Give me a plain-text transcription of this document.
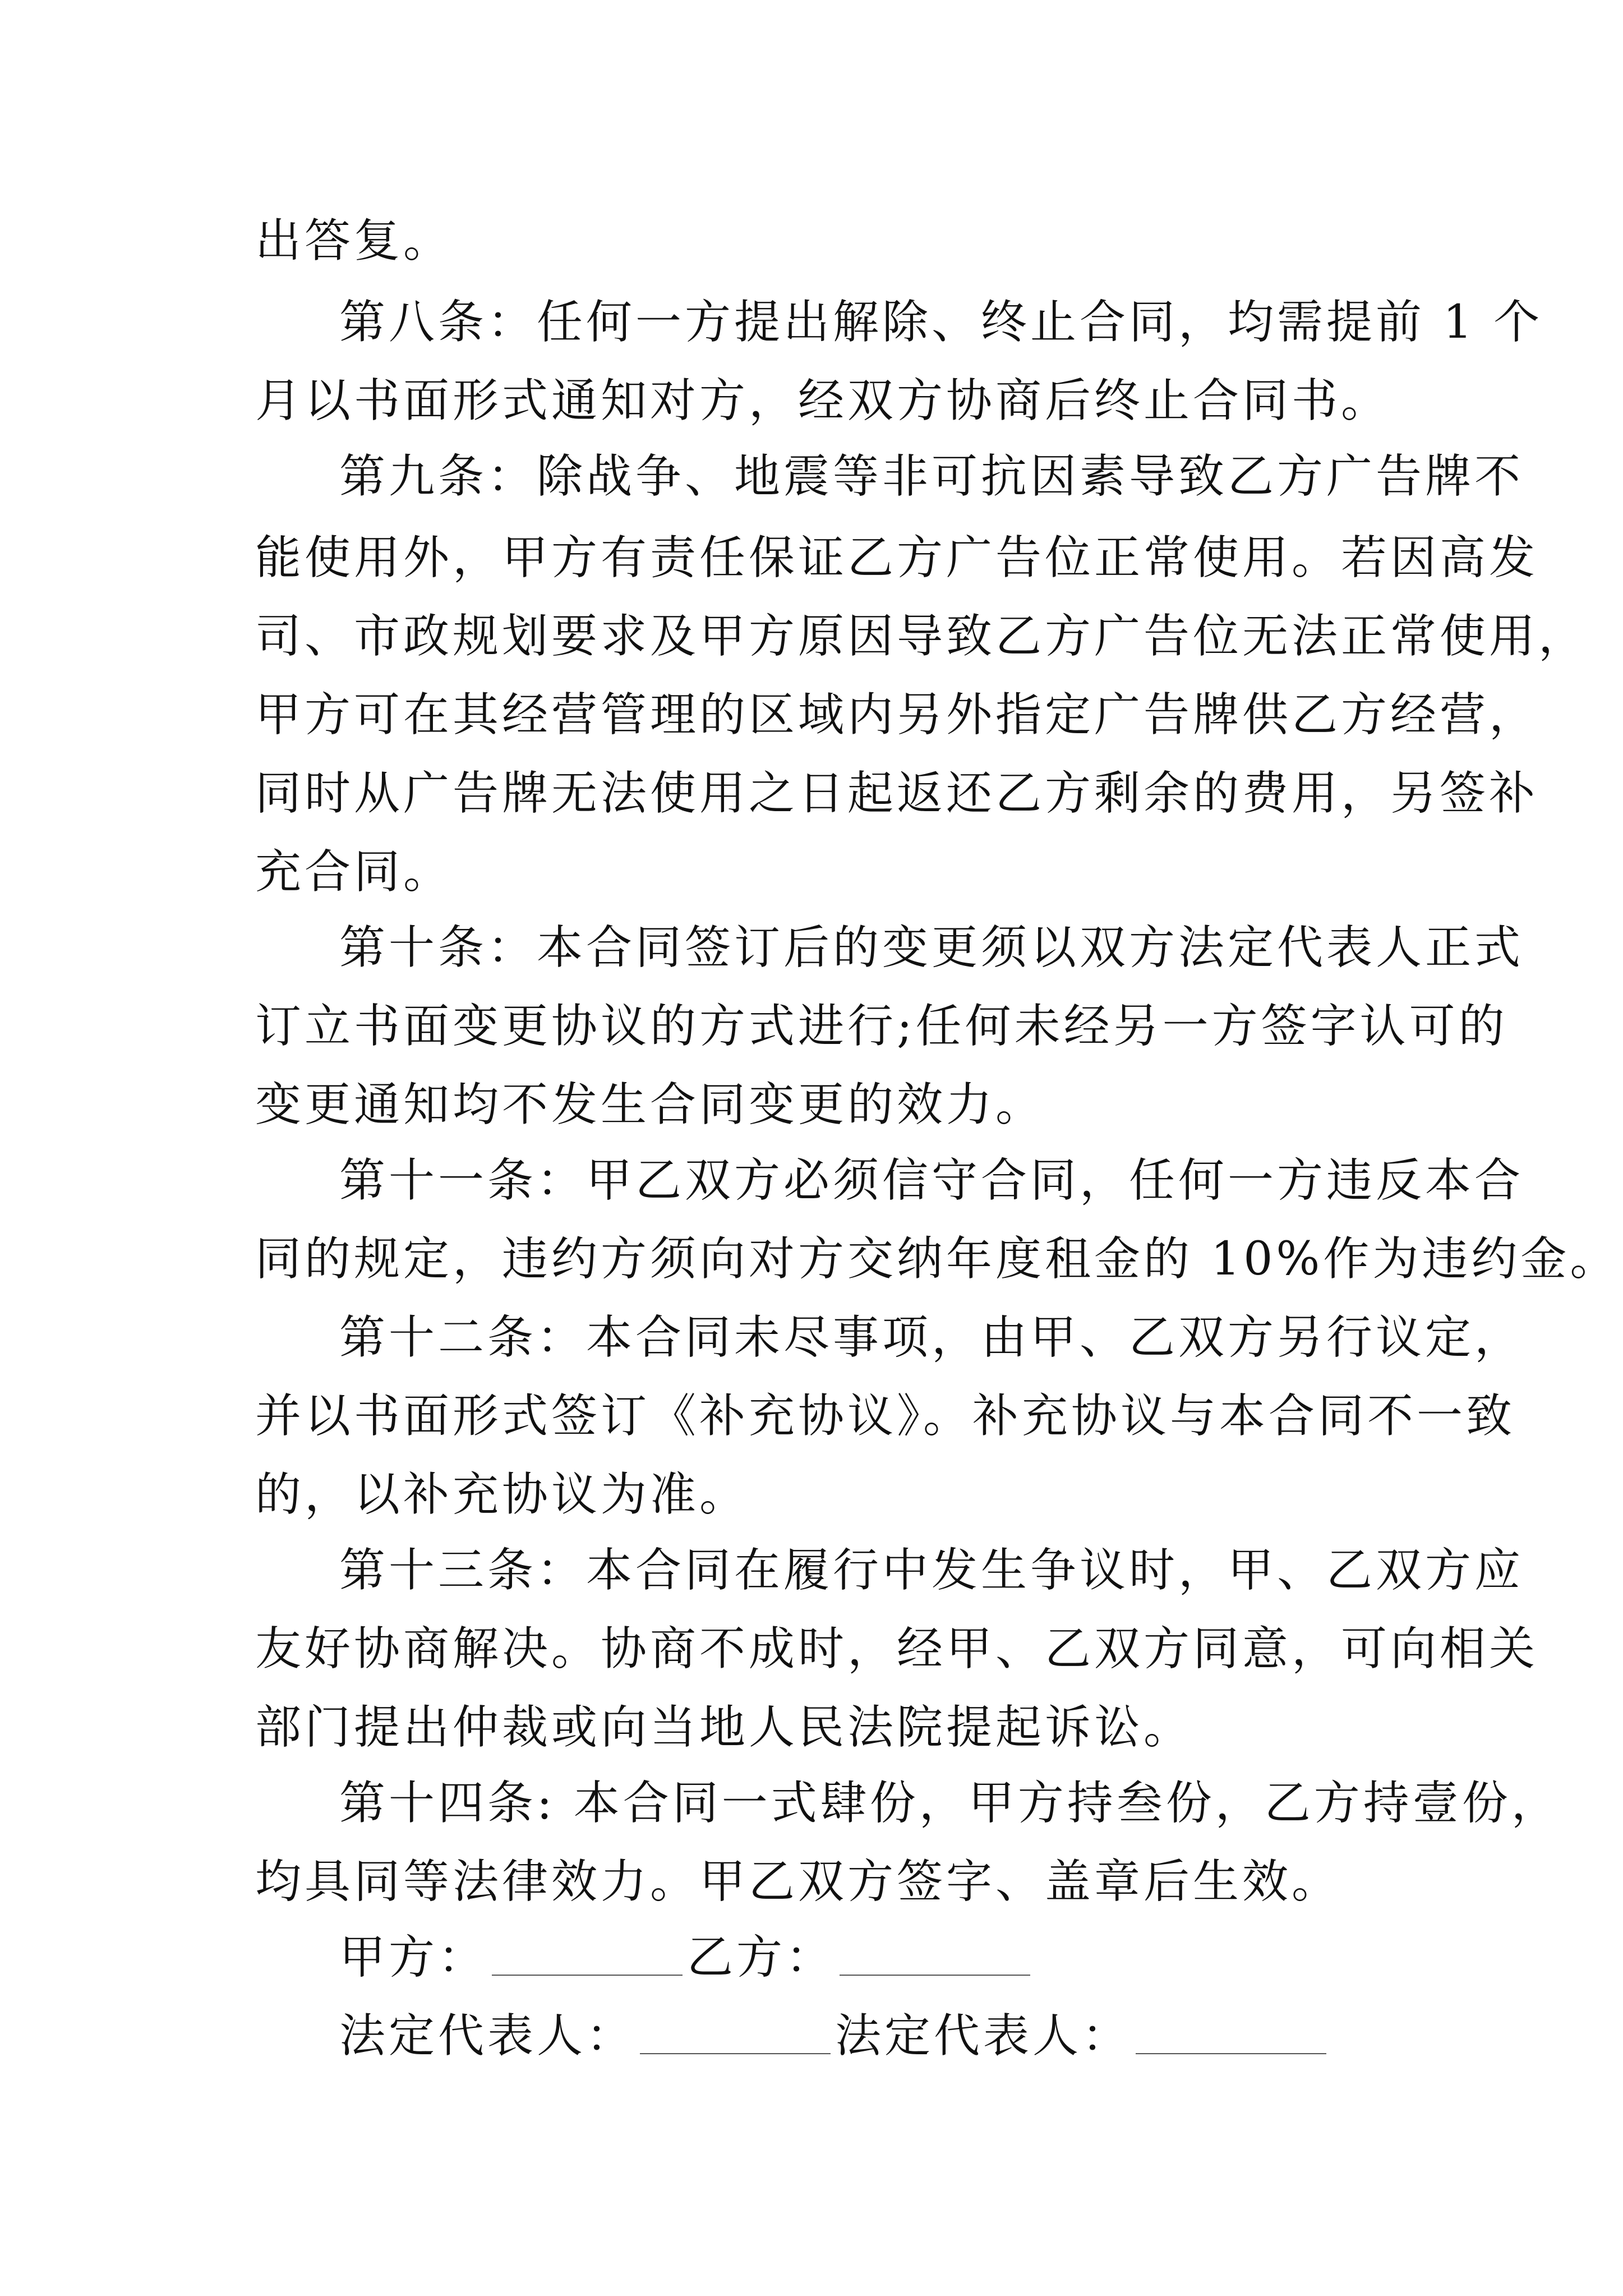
出答复。
第八条：任何一方提出解除、终止合同，均需提前 1 个
月以书面形式通知对方，经双方协商后终止合同书。
第九条：除战争、地震等非可抗因素导致乙方广告牌不
能使用外，甲方有责任保证乙方广告位正常使用。若因高发
司、市政规划要求及甲方原因导致乙方广告位无法正常使用，
甲方可在其经营管理的区域内另外指定广告牌供乙方经营，
同时从广告牌无法使用之日起返还乙方剩余的费用，另签补
充合同。
第十条：本合同签订后的变更须以双方法定代表人正式
订立书面变更协议的方式进行;任何未经另一方签字认可的
变更通知均不发生合同变更的效力。
第十一条：甲乙双方必须信守合同，任何一方违反本合
同的规定，违约方须向对方交纳年度租金的 10%作为违约金。
第十二条：本合同未尽事项，由甲、乙双方另行议定，
并以书面形式签订《补充协议》。补充协议与本合同不一致
的，以补充协议为准。
第十三条：本合同在履行中发生争议时，甲、乙双方应
友好协商解决。协商不成时，经甲、乙双方同意，可向相关
部门提出仲裁或向当地人民法院提起诉讼。
第十四条: 本合同一式肆份，甲方持叁份，乙方持壹份，
均具同等法律效力。甲乙双方签字、盖章后生效。
甲方：	乙方：
法定代表人：	法定代表人：
